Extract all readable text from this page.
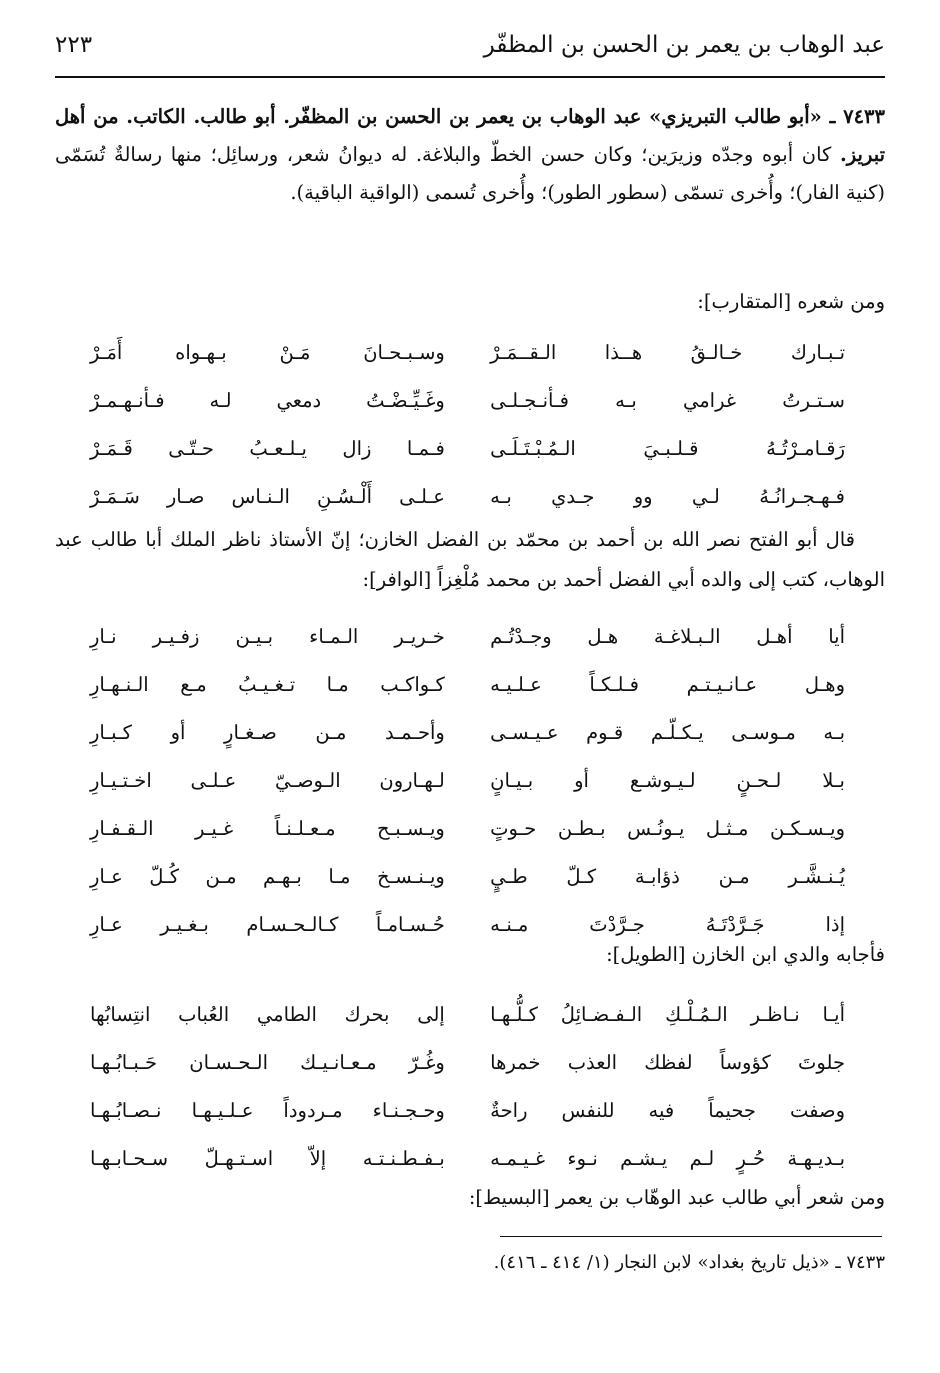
عبد الوهاب بن يعمر بن الحسن بن المظفّر
٢٢٣

٧٤٣٣ ـ «أبو طالب التبريزي» عبد الوهاب بن يعمر بن الحسن بن المظفّر. أبو طالب. الكاتب. من أهل تبريز. كان أبوه وجدّه وزيرَين؛ وكان حسن الخطّ والبلاغة. له ديوانُ شعر، ورسائِل؛ منها رسالةٌ تُسَمّى (كنية الفار)؛ وأُخرى تسمّى (سطور الطور)؛ وأُخرى تُسمى (الواقية الباقية).

ومن شعره [المتقارب]:
تـبـارك خـالـقُ هــذا الـقــمَـرْ
وسـبـحـانَ مَـنْ بـهـواه أَمَـرْ
سـتـرتُ غرامي بـه فـأنـجـلـى
وغَـيِّـضْـتُ دمعي لـه فـأنـهـمـرْ
رَقـامـرْتُـهُ قـلـبـيَ الـمُـبْـتَـلَـى
فـمـا زال يـلـعـبُ حـتّـى قَـمَـرْ
فـهـجـرانُـهُ لـي وو جـدي بـه
عـلـى أَلْـسُـنِ الـنـاس صـار سَـمَـرْ

قال أبو الفتح نصر الله بن أحمد بن محمّد بن الفضل الخازن؛ إنّ الأستاذ ناظر الملك أبا طالب عبد الوهاب، كتب إلى والده أبي الفضل أحمد بن محمد مُلْغِزاً [الوافر]:

أيا أهـل الـبـلاغـة هـل وجـدْتُـم
خـريـر الـمـاء بـيـن زفـيـر نـارِ
وهـل عـانـيـتـم فـلـكـاً عـلـيـه
كـواكـب مـا تـغـيـبُ مـع الـنـهـارِ
بـه مـوسـى يـكـلّـم قـوم عـيـسـى
وأحـمـد مـن صـغـارٍ أو كـبـارِ
بـلا لـحـنٍ لـيـوشـع أو بـيـانٍ
لـهـارون الـوصـيّ عـلـى اخـتـيـارِ
ويـسـكـن مـثـل يـونُـس بـطـن حـوتٍ
ويـسـبـح مـعـلـنـاً غـيـر الـقـفـارِ
يُـنـشَّـر مـن ذؤابـة كـلّ طـيٍ
ويـنـسـخ مـا بـهـم مـن كُـلّ عـارِ
إذا جَـرَّدْتَـهُ جـرَّدْتَ مـنـه
حُـسـامـاً كـالـحـسـام بـغـيـر عـارِ
فأجابه والدي ابن الخازن [الطويل]:
أيـا نـاظـر الـمُـلْـكِ الـفـضـائِلُ كـلُّـهـا
إلى بحرك الطامي العُباب انتِسابُها
جلوتَ كؤوساً لفظك العذب خمرها
وغُـرّ مـعـانـيـك الـحـسـان حَـبـابُـهـا
وصفت جحيماً فيه للنفس راحةٌ
وحـجـنـاء مـردوداً عـلـيـهـا نـصـابُـهـا
بـديـهـة حُـرٍ لـم يـشـم نـوء غـيـمـه
بـفـطـنـتـه إلاّ اسـتـهـلّ سـحـابـهـا
ومن شعر أبي طالب عبد الوهّاب بن يعمر [البسيط]:
٧٤٣٣ ـ «ذيل تاريخ بغداد» لابن النجار (١/ ٤١٤ ـ ٤١٦).
